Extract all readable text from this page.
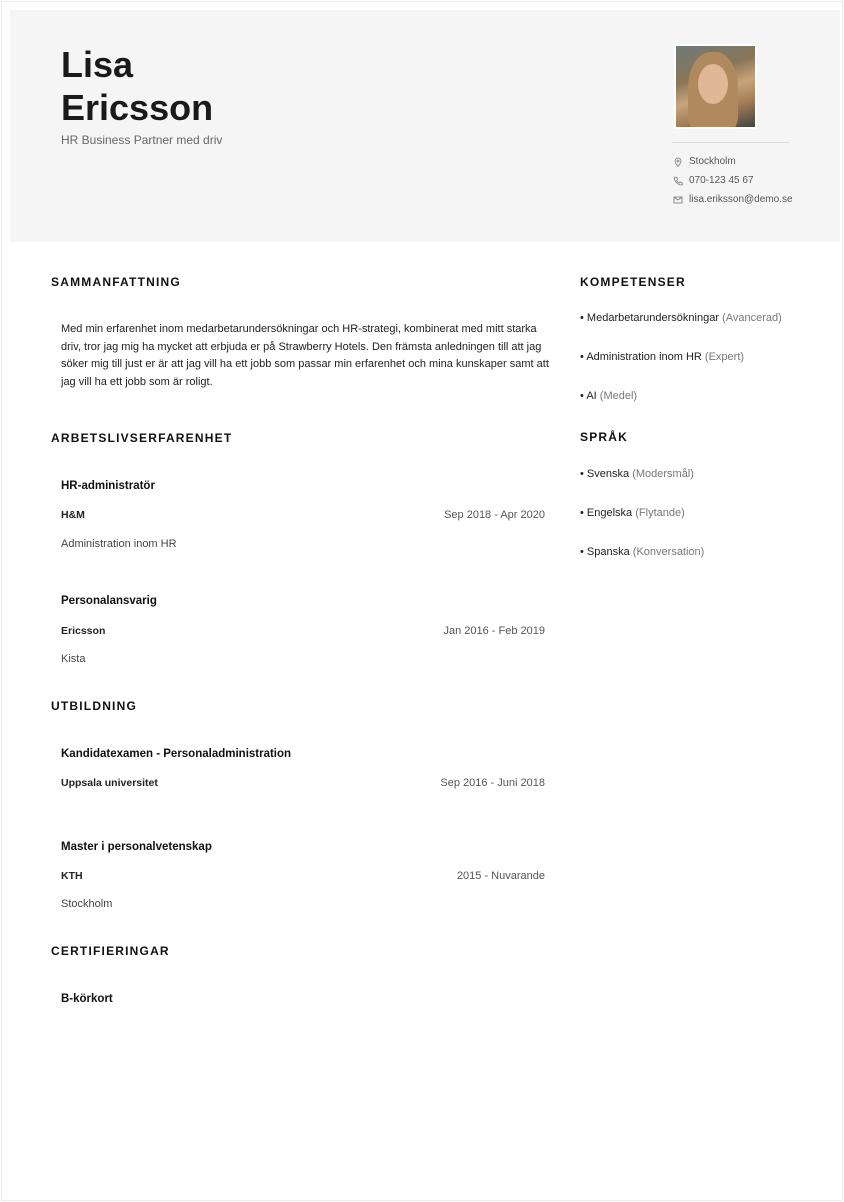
Lisa
Ericsson
HR Business Partner med driv
Stockholm
070-123 45 67
lisa.eriksson@demo.se
SAMMANFATTNING
Med min erfarenhet inom medarbetarundersökningar och HR-strategi, kombinerat med mitt starka driv, tror jag mig ha mycket att erbjuda er på Strawberry Hotels. Den främsta anledningen till att jag söker mig till just er är att jag vill ha ett jobb som passar min erfarenhet och mina kunskaper samt att jag vill ha ett jobb som är roligt.
ARBETSLIVSERFARENHET
HR-administratör
H&M	Sep 2018 - Apr 2020
Administration inom HR
Personalansvarig
Ericsson	Jan 2016 - Feb 2019
Kista
UTBILDNING
Kandidatexamen - Personaladministration
Uppsala universitet	Sep 2016 - Juni 2018
Master i personalvetenskap
KTH	2015 - Nuvarande
Stockholm
CERTIFIERINGAR
B-körkort
KOMPETENSER
• Medarbetarundersökningar (Avancerad)
• Administration inom HR (Expert)
• AI (Medel)
SPRÅK
• Svenska (Modersmål)
• Engelska (Flytande)
• Spanska (Konversation)
